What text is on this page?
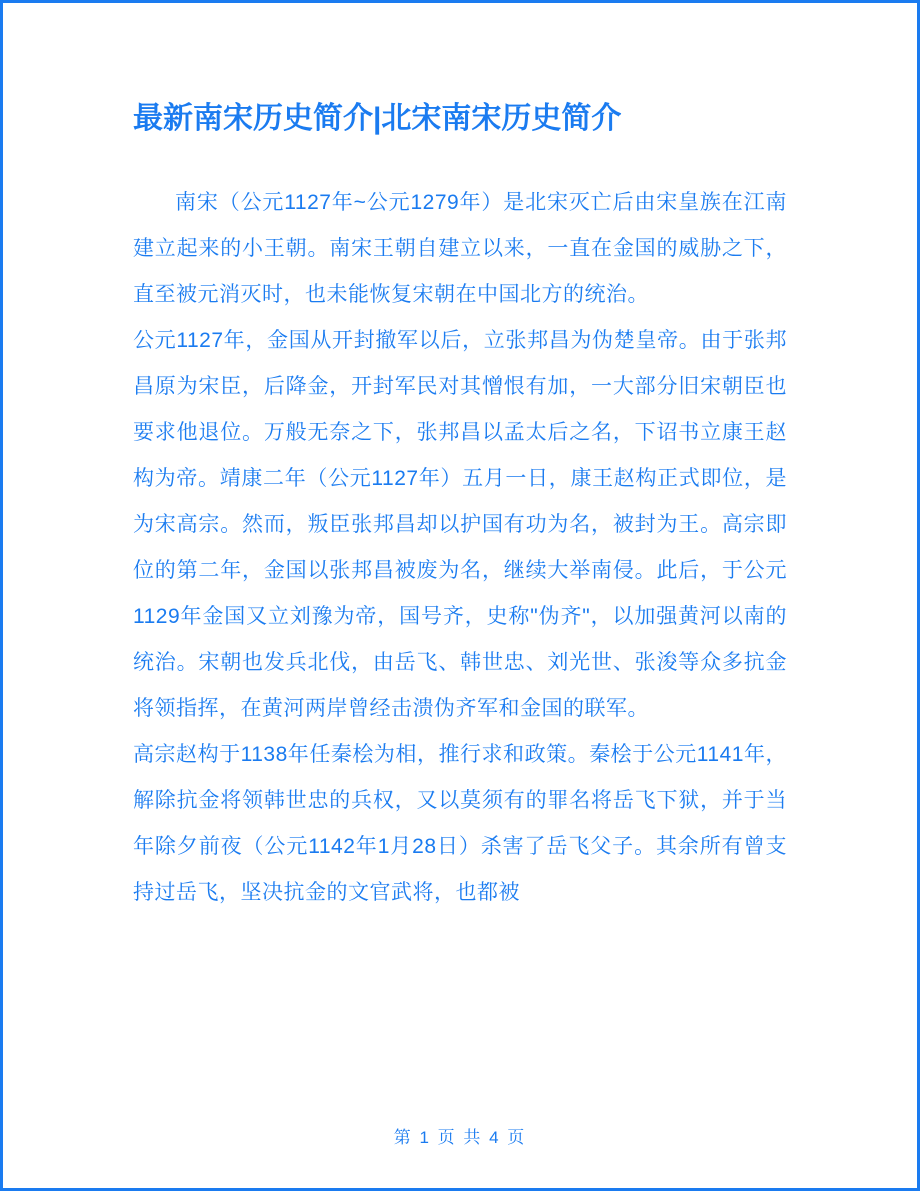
最新南宋历史简介|北宋南宋历史简介

南宋（公元1127年~公元1279年）是北宋灭亡后由宋皇族在江南建立起来的小王朝。南宋王朝自建立以来，一直在金国的威胁之下，直至被元消灭时，也未能恢复宋朝在中国北方的统治。

公元1127年，金国从开封撤军以后，立张邦昌为伪楚皇帝。由于张邦昌原为宋臣，后降金，开封军民对其憎恨有加，一大部分旧宋朝臣也要求他退位。万般无奈之下，张邦昌以孟太后之名，下诏书立康王赵构为帝。靖康二年（公元1127年）五月一日，康王赵构正式即位，是为宋高宗。然而，叛臣张邦昌却以护国有功为名，被封为王。高宗即位的第二年，金国以张邦昌被废为名，继续大举南侵。此后，于公元1129年金国又立刘豫为帝，国号齐，史称"伪齐"，以加强黄河以南的统治。宋朝也发兵北伐，由岳飞、韩世忠、刘光世、张浚等众多抗金将领指挥，在黄河两岸曾经击溃伪齐军和金国的联军。

高宗赵构于1138年任秦桧为相，推行求和政策。秦桧于公元1141年，解除抗金将领韩世忠的兵权，又以莫须有的罪名将岳飞下狱，并于当年除夕前夜（公元1142年1月28日）杀害了岳飞父子。其余所有曾支持过岳飞，坚决抗金的文官武将，也都被

第 1 页 共 4 页
